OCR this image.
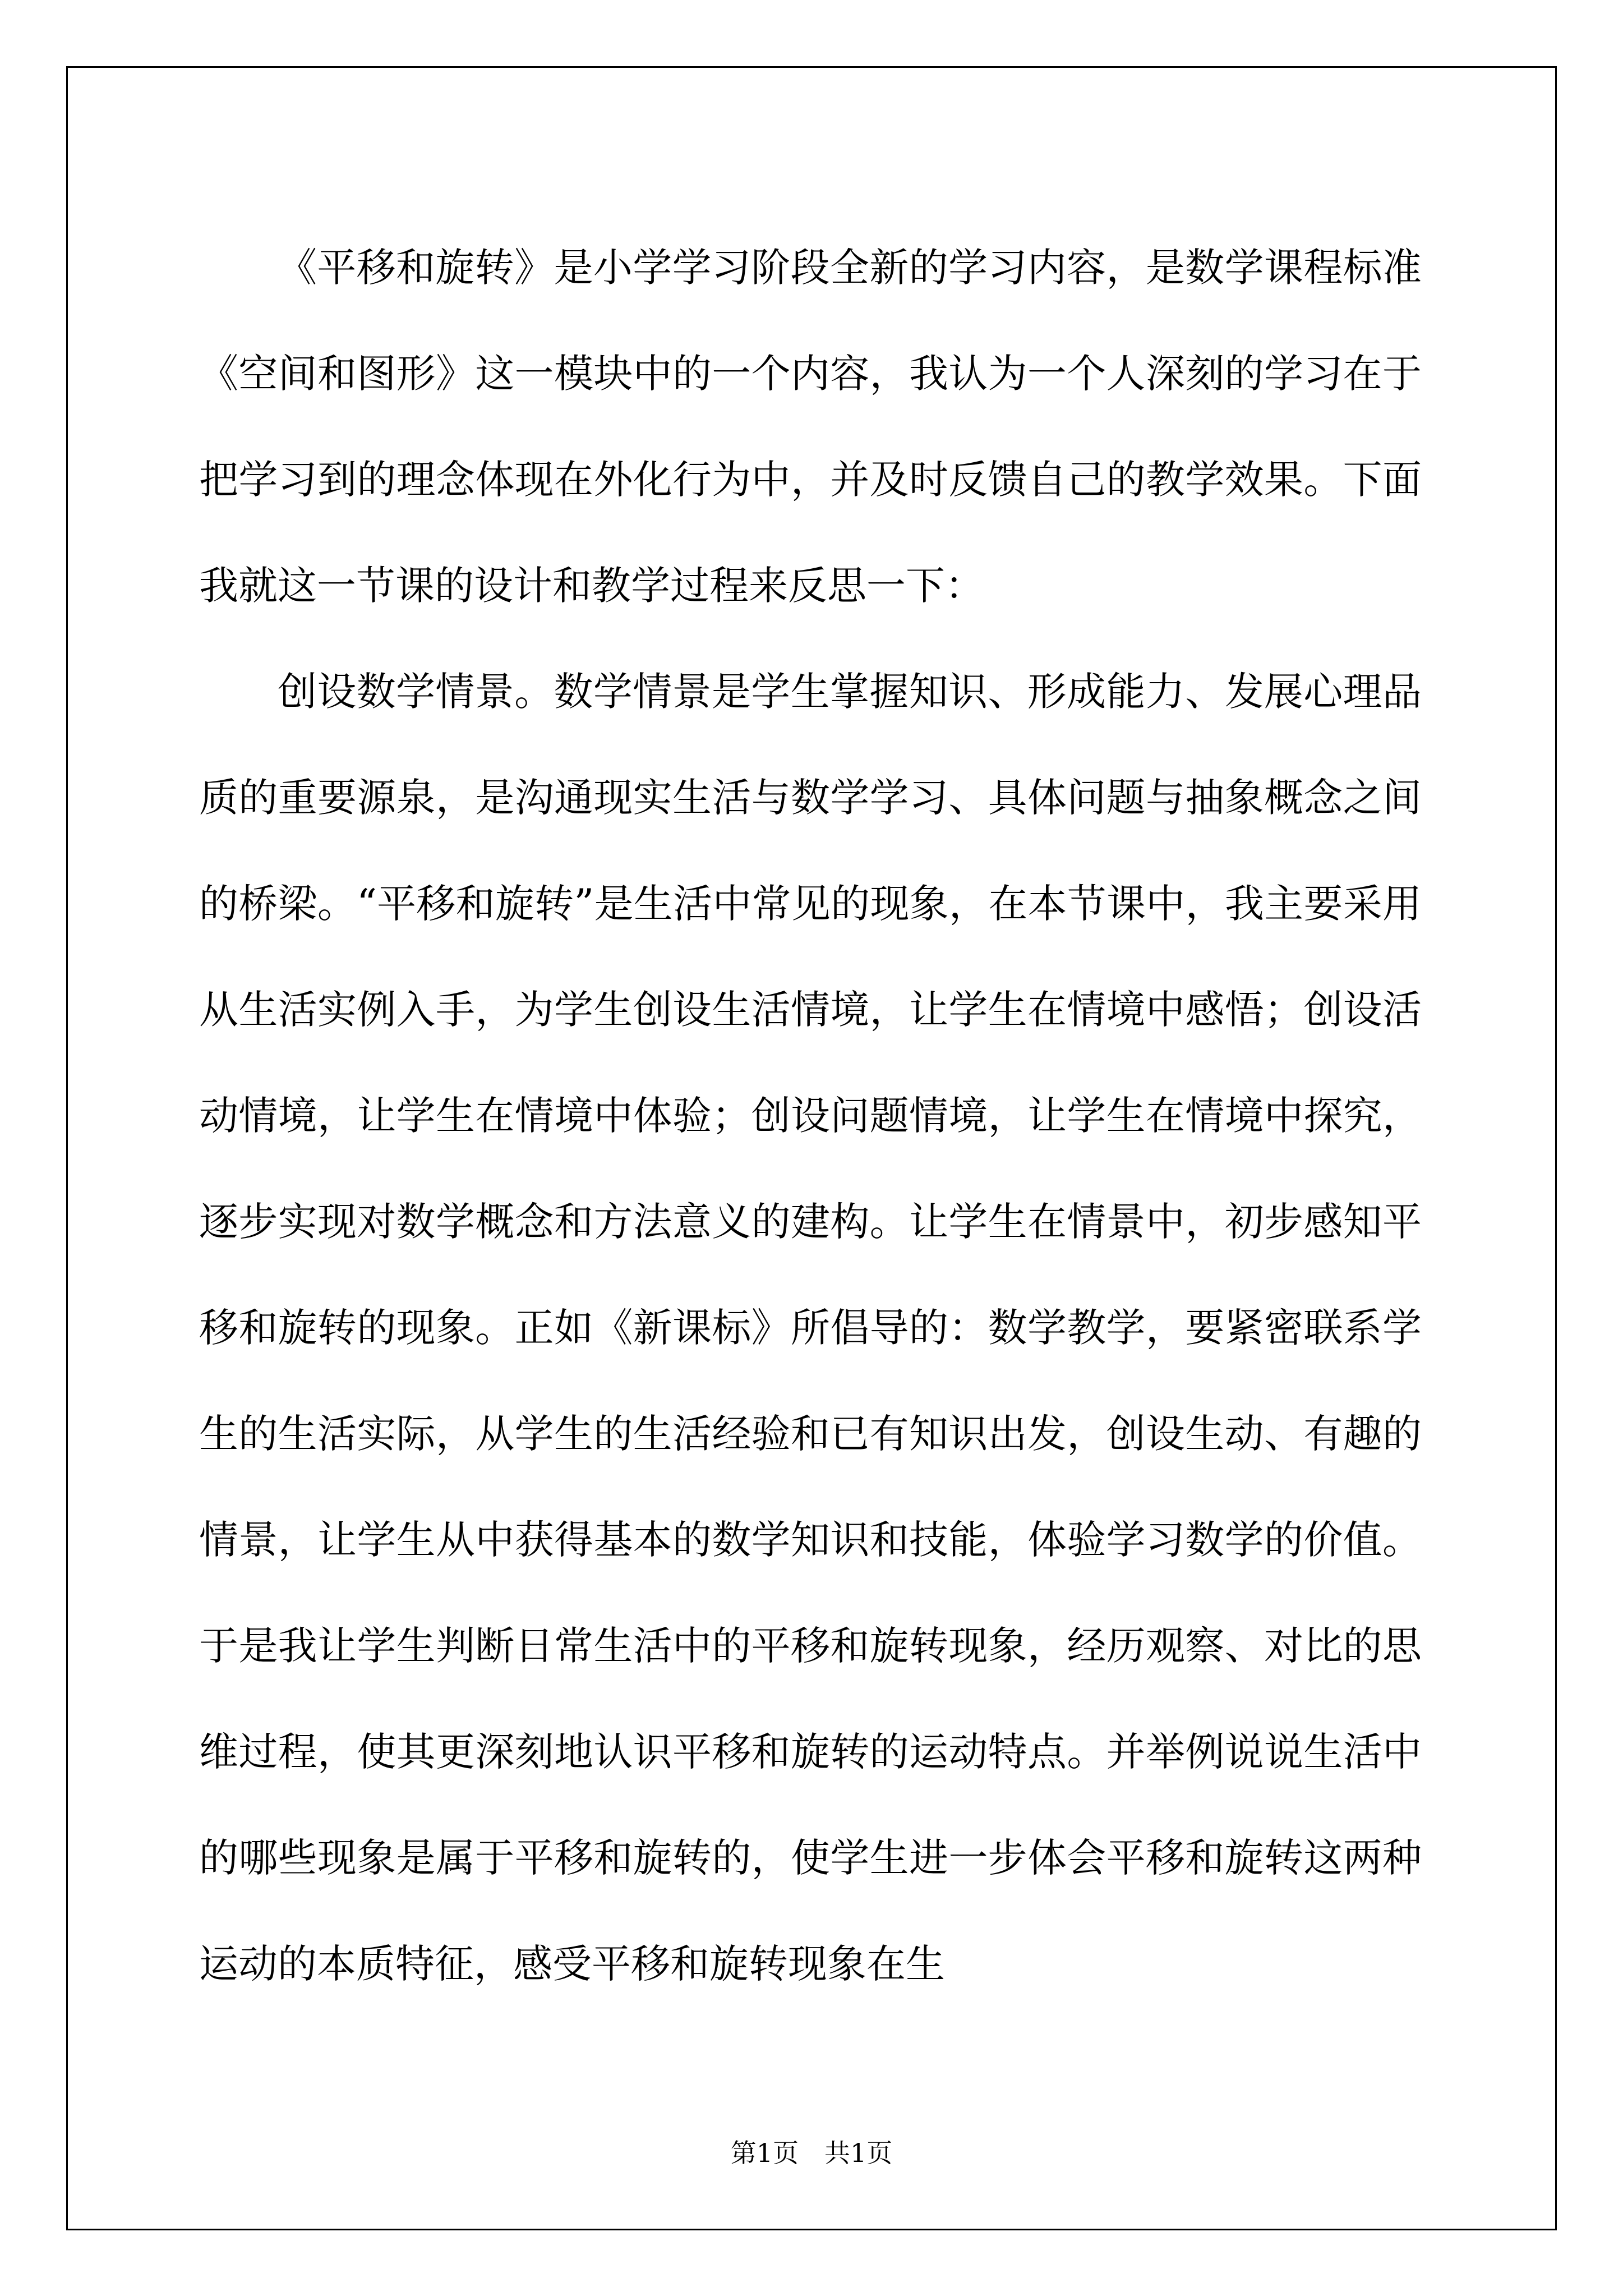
《平移和旋转》是小学学习阶段全新的学习内容，是数学课程标准《空间和图形》这一模块中的一个内容，我认为一个人深刻的学习在于把学习到的理念体现在外化行为中，并及时反馈自己的教学效果。下面我就这一节课的设计和教学过程来反思一下：

创设数学情景。数学情景是学生掌握知识、形成能力、发展心理品质的重要源泉，是沟通现实生活与数学学习、具体问题与抽象概念之间的桥梁。“平移和旋转”是生活中常见的现象，在本节课中，我主要采用从生活实例入手，为学生创设生活情境，让学生在情境中感悟；创设活动情境，让学生在情境中体验；创设问题情境，让学生在情境中探究，逐步实现对数学概念和方法意义的建构。让学生在情景中，初步感知平移和旋转的现象。正如《新课标》所倡导的：数学教学，要紧密联系学生的生活实际，从学生的生活经验和已有知识出发，创设生动、有趣的情景，让学生从中获得基本的数学知识和技能，体验学习数学的价值。于是我让学生判断日常生活中的平移和旋转现象，经历观察、对比的思维过程，使其更深刻地认识平移和旋转的运动特点。并举例说说生活中的哪些现象是属于平移和旋转的，使学生进一步体会平移和旋转这两种运动的本质特征，感受平移和旋转现象在生

第1页　共1页
